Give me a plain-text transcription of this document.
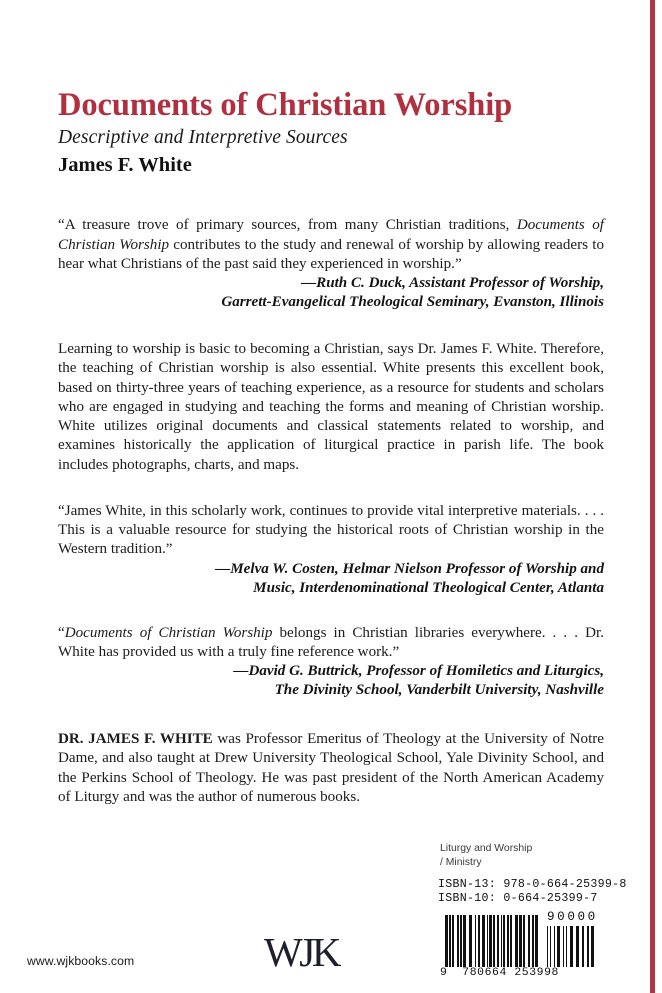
Documents of Christian Worship
Descriptive and Interpretive Sources
James F. White

“A treasure trove of primary sources, from many Christian traditions, Documents of Christian Worship contributes to the study and renewal of worship by allowing readers to hear what Christians of the past said they experienced in worship.”

—Ruth C. Duck, Assistant Professor of Worship,

Garrett-Evangelical Theological Seminary, Evanston, Illinois

Learning to worship is basic to becoming a Christian, says Dr. James F. White. Therefore, the teaching of Christian worship is also essential. White presents this excellent book, based on thirty-three years of teaching experience, as a resource for students and scholars who are engaged in studying and teaching the forms and meaning of Christian worship. White utilizes original documents and classical statements related to worship, and examines historically the application of liturgical practice in parish life. The book includes photographs, charts, and maps.

“James White, in this scholarly work, continues to provide vital interpretive materials. . . . This is a valuable resource for studying the historical roots of Christian worship in the Western tradition.”

—Melva W. Costen, Helmar Nielson Professor of Worship and

Music, Interdenominational Theological Center, Atlanta

“Documents of Christian Worship belongs in Christian libraries everywhere. . . . Dr. White has provided us with a truly fine reference work.”

—David G. Buttrick, Professor of Homiletics and Liturgics,

The Divinity School, Vanderbilt University, Nashville

DR. JAMES F. WHITE was Professor Emeritus of Theology at the University of Notre Dame, and also taught at Drew University Theological School, Yale Divinity School, and the Perkins School of Theology. He was past president of the North American Academy of Liturgy and was the author of numerous books.

Liturgy and Worship
/ Ministry
ISBN-13: 978-0-664-25399-8
ISBN-10: 0-664-25399-7
90000
9  780664 253998
www.wjkbooks.com	WJK
